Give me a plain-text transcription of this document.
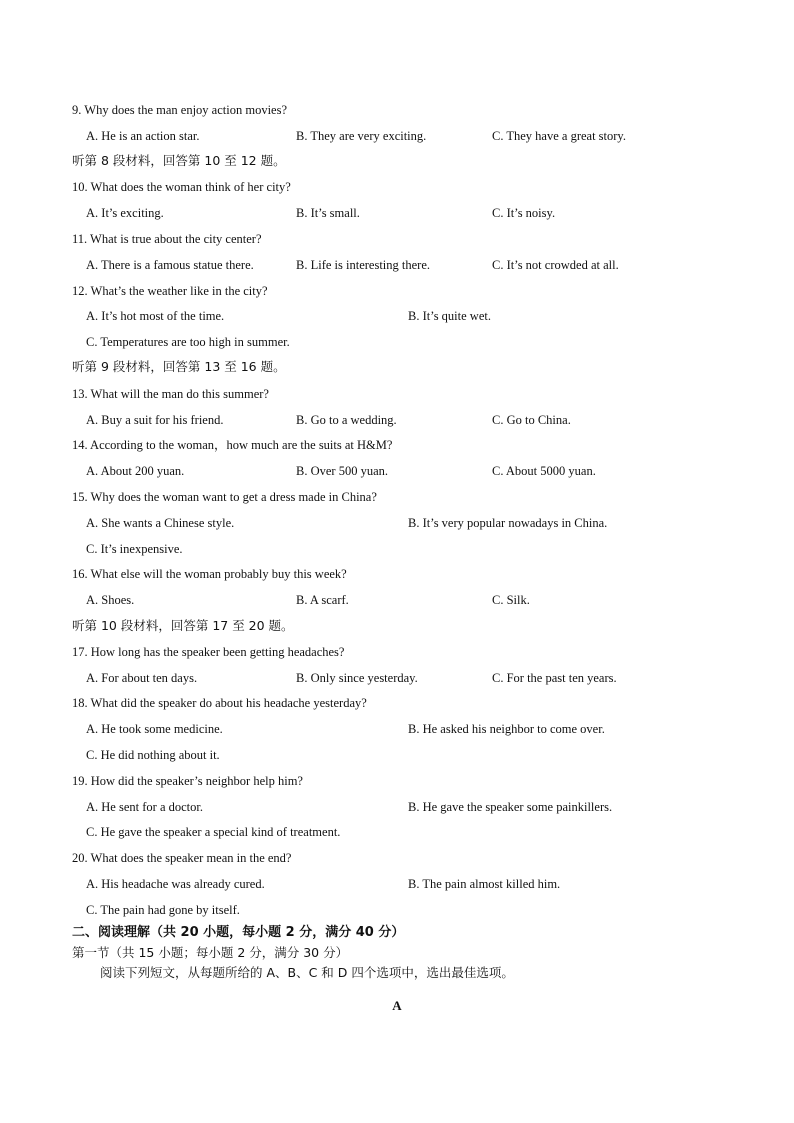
9. Why does the man enjoy action movies?
A. He is an action star.	B. They are very exciting.	C. They have a great story.
听第 8 段材料，回答第 10 至 12 题。
10. What does the woman think of her city?
A. It’s exciting.	B. It’s small.	C. It’s noisy.
11. What is true about the city center?
A. There is a famous statue there.	B. Life is interesting there.	C. It’s not crowded at all.
12. What’s the weather like in the city?
A. It’s hot most of the time.	B. It’s quite wet.
C. Temperatures are too high in summer.
听第 9 段材料，回答第 13 至 16 题。
13. What will the man do this summer?
A. Buy a suit for his friend.	B. Go to a wedding.	C. Go to China.
14. According to the woman，how much are the suits at H&M?
A. About 200 yuan.	B. Over 500 yuan.	C. About 5000 yuan.
15. Why does the woman want to get a dress made in China?
A. She wants a Chinese style.	B. It’s very popular nowadays in China.
C. It’s inexpensive.
16. What else will the woman probably buy this week?
A. Shoes.	B. A scarf.	C. Silk.
听第 10 段材料，回答第 17 至 20 题。
17. How long has the speaker been getting headaches?
A. For about ten days.	B. Only since yesterday.	C. For the past ten years.
18. What did the speaker do about his headache yesterday?
A. He took some medicine.	B. He asked his neighbor to come over.
C. He did nothing about it.
19. How did the speaker’s neighbor help him?
A. He sent for a doctor.	B. He gave the speaker some painkillers.
C. He gave the speaker a special kind of treatment.
20. What does the speaker mean in the end?
A. His headache was already cured.	B. The pain almost killed him.
C. The pain had gone by itself.
二、阅读理解（共 20 小题，每小题 2 分，满分 40 分）
第一节（共 15 小题；每小题 2 分，满分 30 分）
阅读下列短文，从每题所给的 A、B、C 和 D 四个选项中，选出最佳选项。
A
